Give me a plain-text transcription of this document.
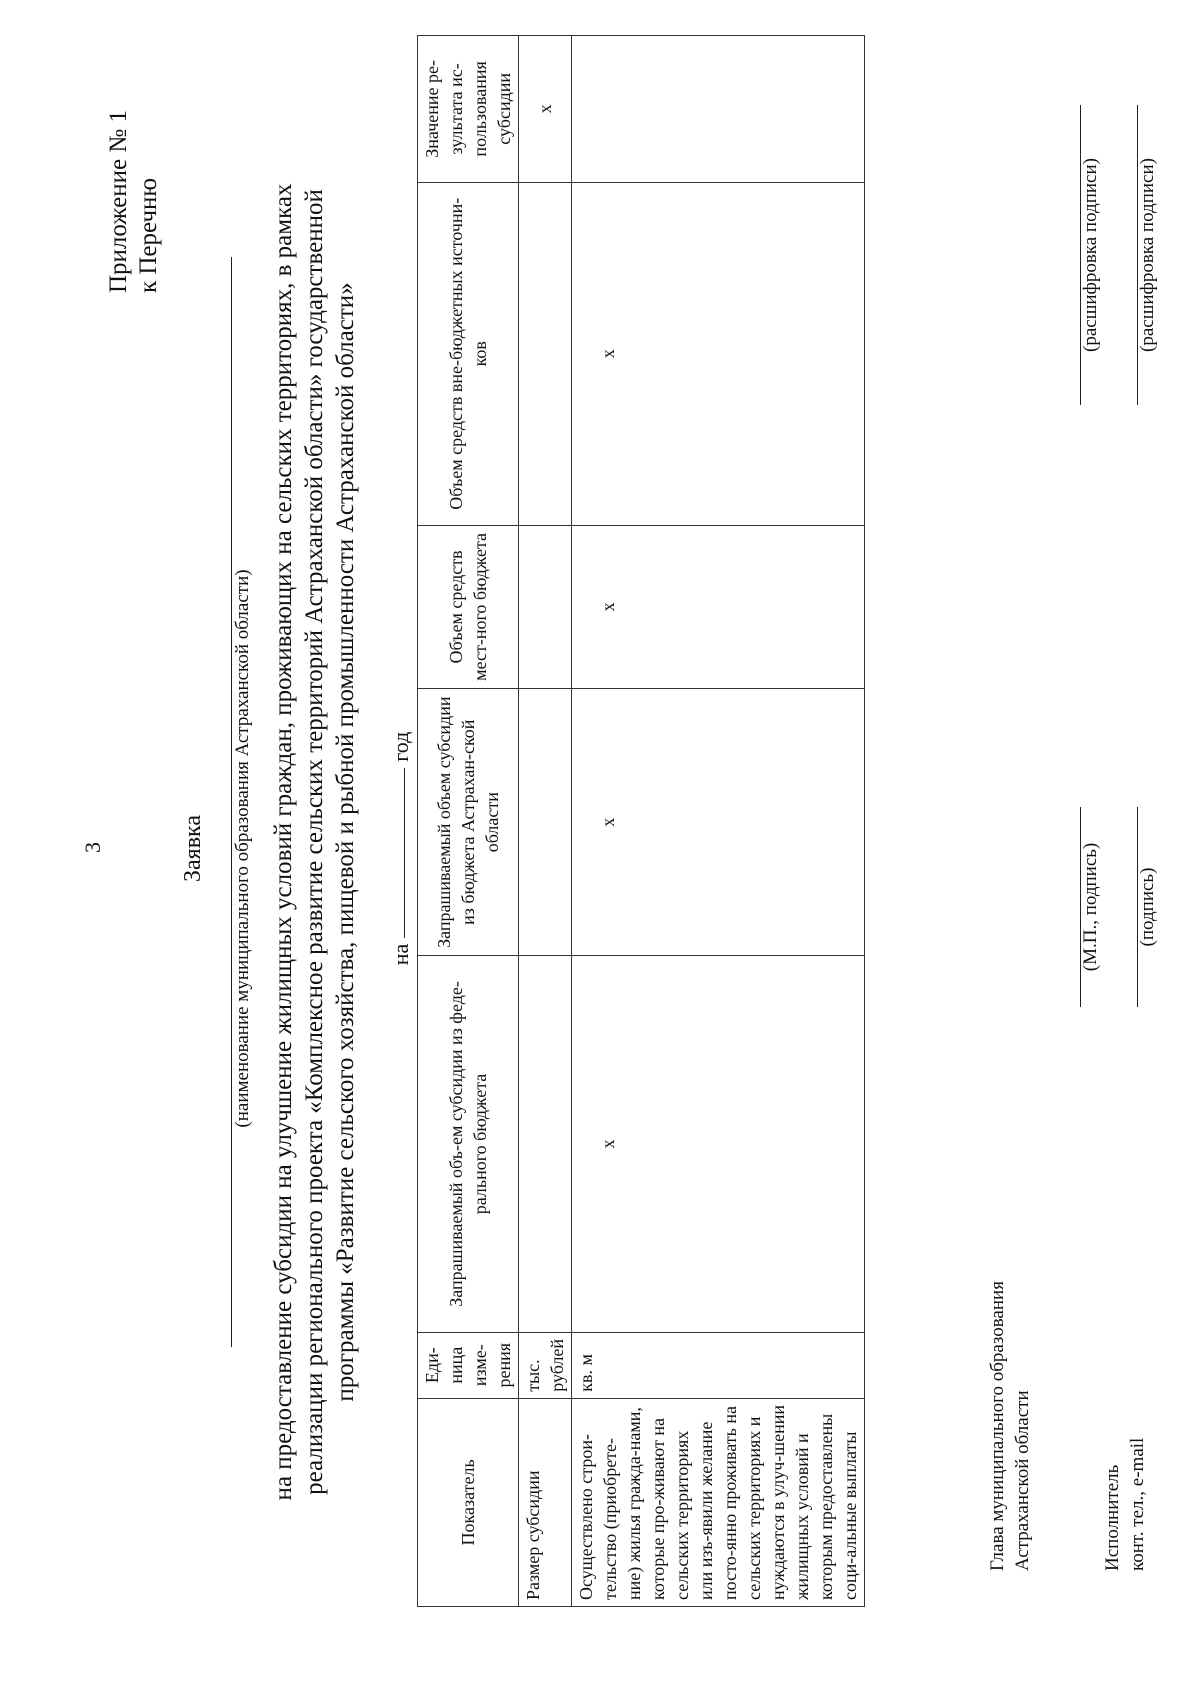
3
Приложение № 1 к Перечню
Заявка (наименование муниципального образования Астраханской области) на предоставление субсидии на улучшение жилищных условий граждан, проживающих на сельских территориях, в рамках реализации регионального проекта «Комплексное развитие сельских территорий Астраханской области» государственной программы «Развитие сельского хозяйства, пищевой и рыбной промышленности Астраханской области» нагод
Показатель	Еди-ница изме-рения	Запрашиваемый объ-ем субсидии из феде-рального бюджета	Запрашиваемый объем субсидии из бюджета Астрахан-ской области	Объем средств мест-ного бюджета	Объем средств вне-бюджетных источни-ков	Значение ре-зультата ис-пользования субсидии
Размер субсидии	тыс. рублей					х
Осуществлено строи-тельство (приобрете-ние) жилья гражда-нами, которые про-живают на сельских территориях или изъ-явили желание посто-янно проживать на сельских территориях и нуждаются в улуч-шении жилищных условий и которым предоставлены соци-альные выплаты	кв. м	х	х	х	х	
Глава муниципального образования Астраханской области
(М.П., подпись)
(расшифровка подписи)
Исполнитель конт. тел., e-mail
(подпись)
(расшифровка подписи)
